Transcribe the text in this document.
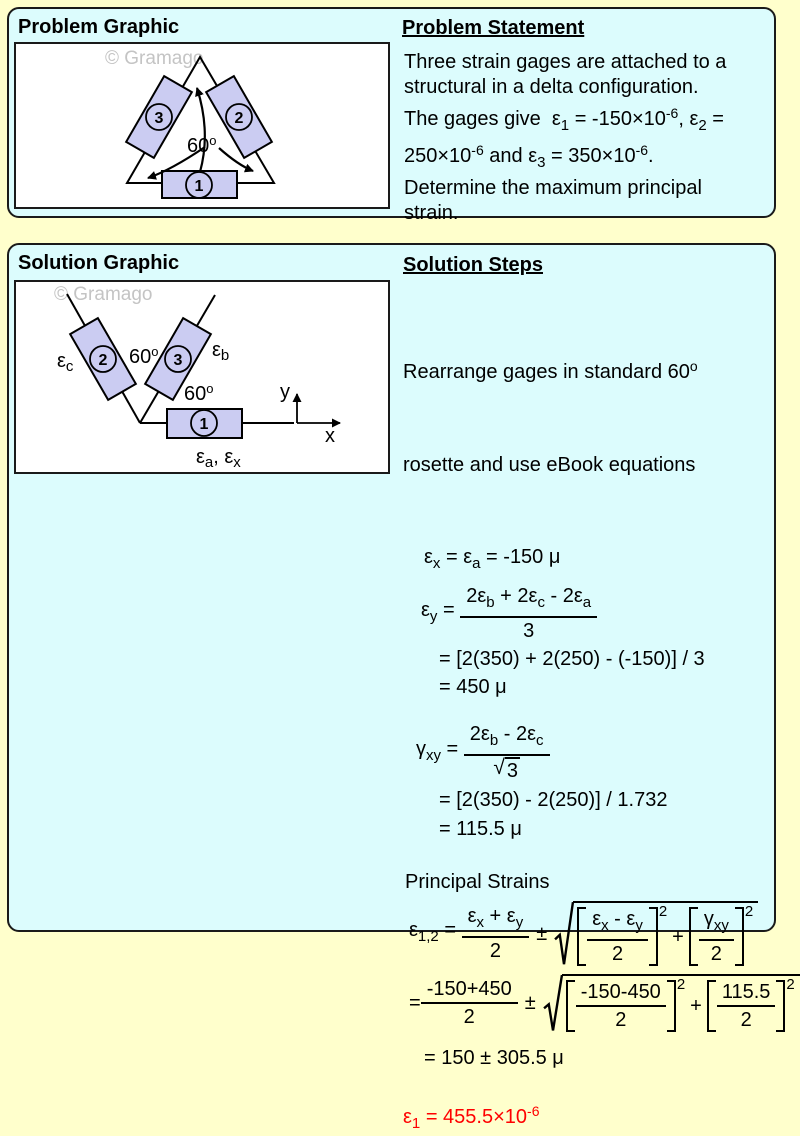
Problem Graphic
© Gramago
3	2
1
60$^o$
Problem Statement
Three strain gages are attached to a
structural in a delta configuration.
The gages give  $\varepsilon_1 = -150\times 10^{-6}$, $\varepsilon_2$ =
$250\times 10^{-6}$ and $\varepsilon_3 = 350\times 10^{-6}$.
Determine the maximum principal
strain.
Solution Graphic
© Gramago
2	3
1
60$^o$
60$^o$
$\varepsilon_c$
$\varepsilon_b$
$\varepsilon_a$, $\varepsilon_x$
y
x
Solution Steps

Rearrange gages in standard 60$^o$

rosette and use eBook equations

$\varepsilon_x = \varepsilon_a = -150$ μ
$\varepsilon_y = \frac{2\varepsilon_b + 2\varepsilon_c - 2\varepsilon_a}{3}$
= [2(350) + 2(250) - (-150)] / 3
= 450 μ
$\gamma_{xy} = \frac{2\varepsilon_b - 2\varepsilon_c}{√ 3}$
= [2(350) - 2(250)] / 1.732
= 115.5 μ
Principal Strains
$\varepsilon_{1,2} = \frac{\varepsilon_x + \varepsilon_y}{2} \pm \frac{\varepsilon_x - \varepsilon_y}{2} 2$
+ $\frac{\gamma_{xy}}{2} 2$
= $\frac{-150+450}{2} \pm \frac{-150-450}{2} 2$
+ $\frac{115.5}{2} 2$
= 150 ± 305.5 μ
$\varepsilon_1 = 455.5\times 10^{-6}$
